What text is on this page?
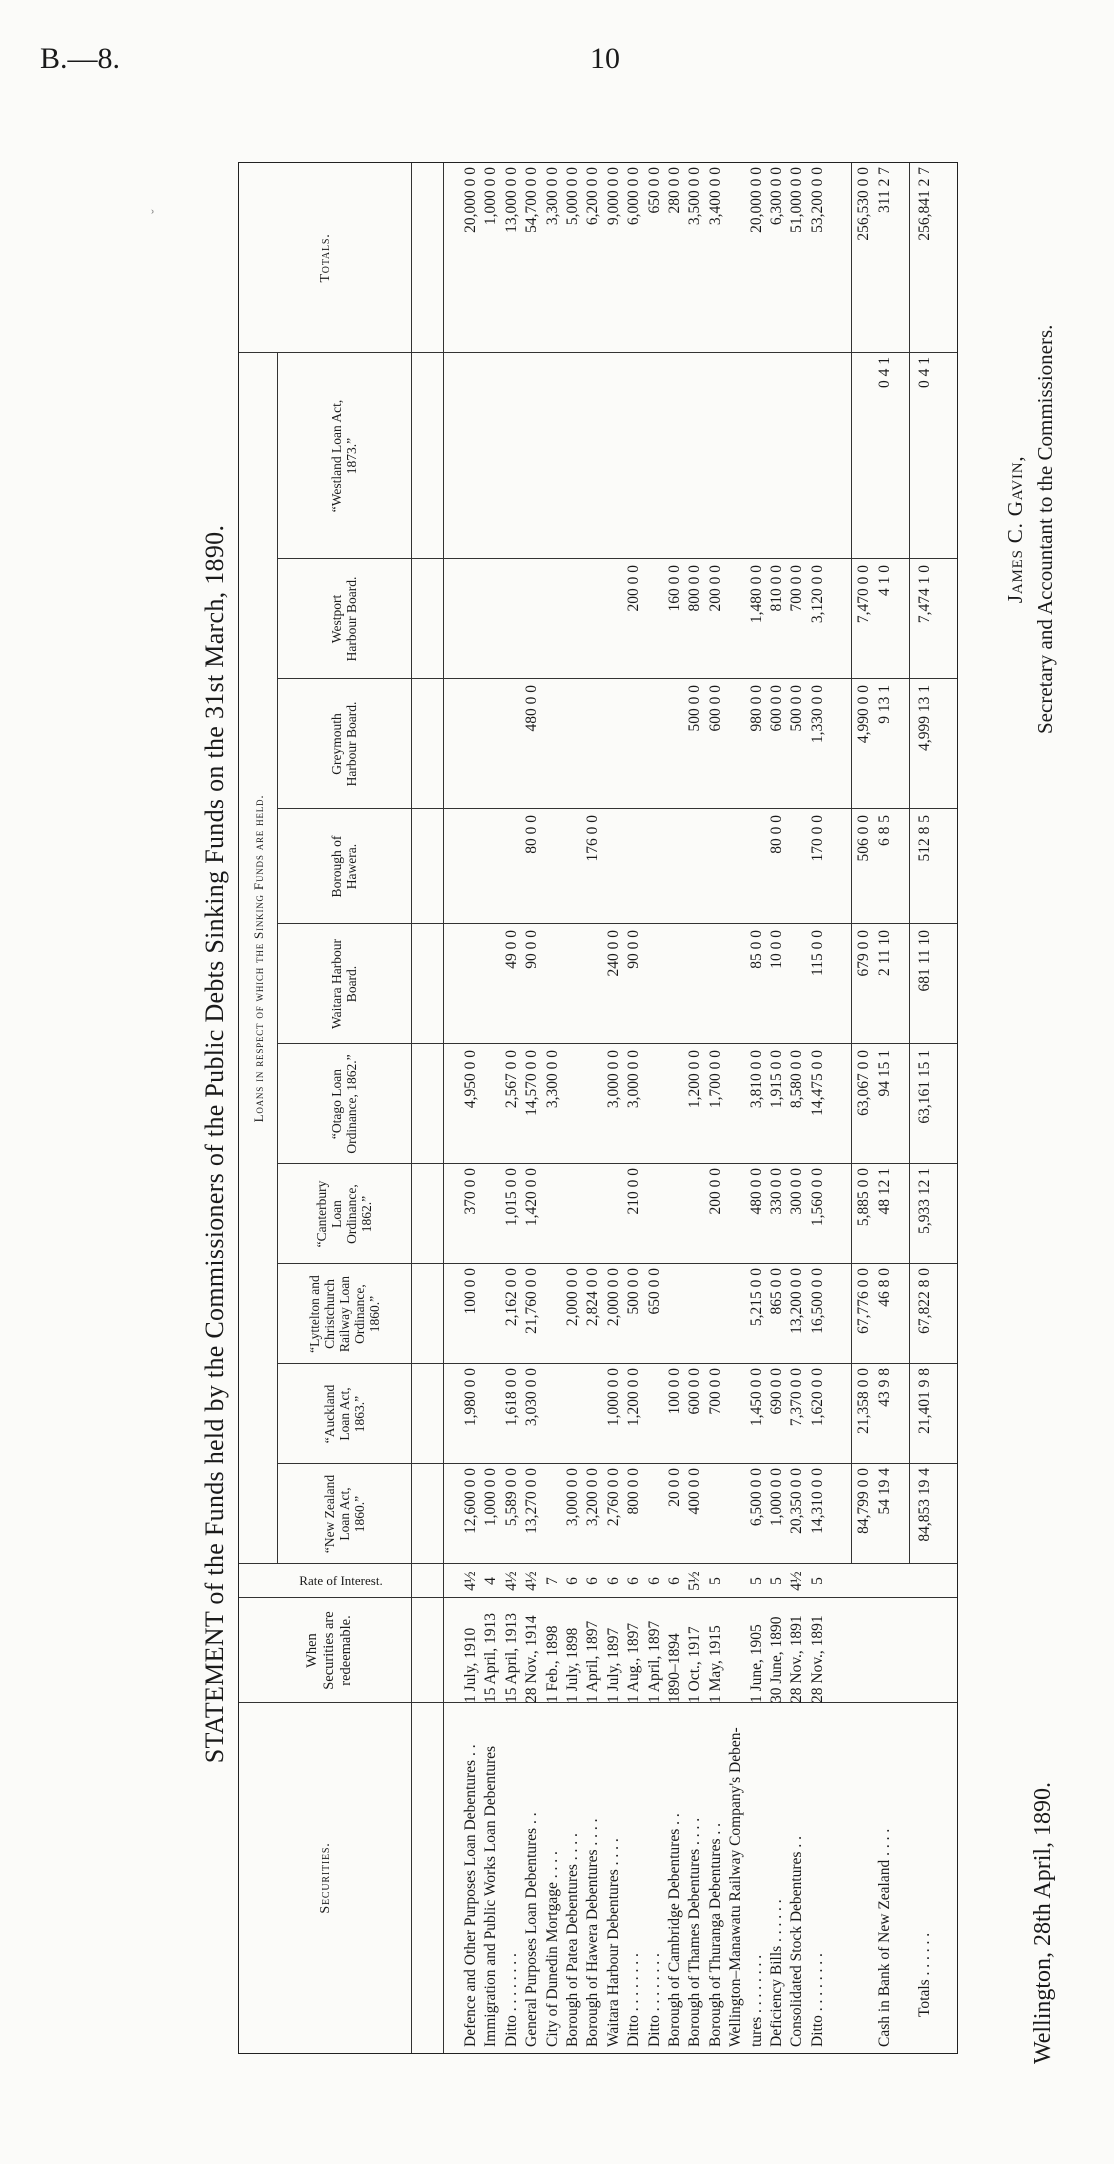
B.—8.	10
ˇ
STATEMENT of the Funds held by the Commissioners of the Public Debts Sinking Funds on the 31st March, 1890.
Securities.
When Securities are redeemable.
Rate of Interest.
Loans in respect of which the Sinking Funds are held.
Totals.
“New Zealand Loan Act, 1860.”
“Auckland Loan Act, 1863.”
“Lyttelton and Christchurch Railway Loan Ordinance, 1860.”
“Canterbury Loan Ordinance, 1862.”
“Otago Loan Ordinance, 1862.”
Waitara Harbour Board.
Borough of Hawera.
Greymouth Harbour Board.
Westport Harbour Board.
“Westland Loan Act, 1873.”
Defence and Other Purposes Loan Debentures . .
1 July, 1910
4½
12,600 0 0
1,980 0 0
100 0 0
370 0 0
4,950 0 0
20,000 0 0
Immigration and Public Works Loan Debentures
15 April, 1913
4
1,000 0 0
1,000 0 0
Ditto . . . . . . . .
15 April, 1913
4½
5,589 0 0
1,618 0 0
2,162 0 0
1,015 0 0
2,567 0 0
49 0 0
13,000 0 0
General Purposes Loan Debentures . .
28 Nov., 1914
4½
13,270 0 0
3,030 0 0
21,760 0 0
1,420 0 0
14,570 0 0
90 0 0
80 0 0
480 0 0
54,700 0 0
City of Dunedin Mortgage . . . .
1 Feb., 1898
7
3,300 0 0
3,300 0 0
Borough of Patea Debentures . . . .
1 July, 1898
6
3,000 0 0
2,000 0 0
5,000 0 0
Borough of Hawera Debentures . . . .
1 April, 1897
6
3,200 0 0
2,824 0 0
176 0 0
6,200 0 0
Waitara Harbour Debentures . . . .
1 July, 1897
6
2,760 0 0
1,000 0 0
2,000 0 0
3,000 0 0
240 0 0
9,000 0 0
Ditto . . . . . . . .
1 Aug., 1897
6
800 0 0
1,200 0 0
500 0 0
210 0 0
3,000 0 0
90 0 0
200 0 0
6,000 0 0
Ditto . . . . . . . .
1 April, 1897
6
650 0 0
650 0 0
Borough of Cambridge Debentures . .
1890–1894
6
20 0 0
100 0 0
160 0 0
280 0 0
Borough of Thames Debentures . . . .
1 Oct., 1917
5½
400 0 0
600 0 0
1,200 0 0
500 0 0
800 0 0
3,500 0 0
Borough of Thuranga Debentures . .
1 May, 1915
5
700 0 0
200 0 0
1,700 0 0
600 0 0
200 0 0
3,400 0 0
Wellington–Manawatu Railway Company's Deben- tures . . . . . . . .
1 June, 1905
5
6,500 0 0
1,450 0 0
5,215 0 0
480 0 0
3,810 0 0
85 0 0
980 0 0
1,480 0 0
20,000 0 0
Deficiency Bills . . . . . .
30 June, 1890
5
1,000 0 0
690 0 0
865 0 0
330 0 0
1,915 0 0
10 0 0
80 0 0
600 0 0
810 0 0
6,300 0 0
Consolidated Stock Debentures . .
28 Nov., 1891
4½
20,350 0 0
7,370 0 0
13,200 0 0
300 0 0
8,580 0 0
500 0 0
700 0 0
51,000 0 0
Ditto . . . . . . . .
28 Nov., 1891
5
14,310 0 0
1,620 0 0
16,500 0 0
1,560 0 0
14,475 0 0
115 0 0
170 0 0
1,330 0 0
3,120 0 0
53,200 0 0
84,799 0 0
21,358 0 0
67,776 0 0
5,885 0 0
63,067 0 0
679 0 0
506 0 0
4,990 0 0
7,470 0 0
256,530 0 0
Cash in Bank of New Zealand . . . .
54 19 4
43 9 8
46 8 0
48 12 1
94 15 1
2 11 10
6 8 5
9 13 1
4 1 0
0 4 1
311 2 7
Totals . . . . . .
84,853 19 4
21,401 9 8
67,822 8 0
5,933 12 1
63,161 15 1
681 11 10
512 8 5
4,999 13 1
7,474 1 0
0 4 1
256,841 2 7
James C. Gavin, Secretary and Accountant to the Commissioners.
Wellington, 28th April, 1890.
